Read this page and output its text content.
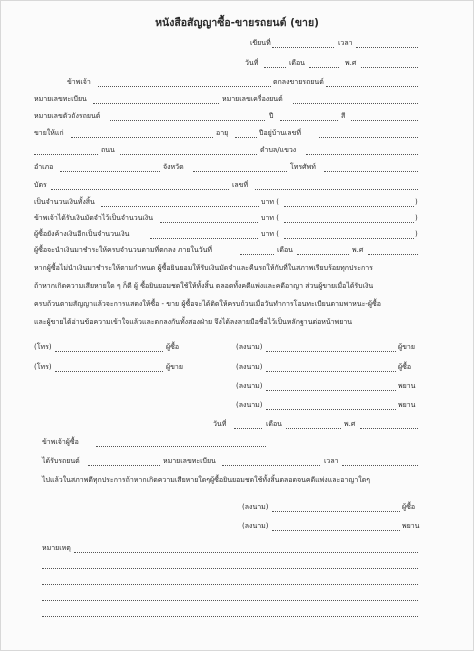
หนังสือสัญญาซื้อ-ขายรถยนต์ (ขาย)
เขียนที่	เวลา
วันที่	เดือน	พ.ศ
ข้าพเจ้า	ตกลงขายรถยนต์
หมายเลขทะเบียน	หมายเลขเครื่องยนต์
หมายเลขตัวถังรถยนต์	ปี	สี
ขายให้แก่	อายุ	ปีอยู่บ้านเลขที่
ถนน	ตำบล/แขวง
อำเภอ	จังหวัด	โทรศัพท์
บัตร	เลขที่
เป็นจำนวนเงินทั้งสิ้น	บาท (	)
ข้าพเจ้าได้รับเงินมัดจำไว้เป็นจำนวนเงิน	บาท (	)
ผู้ซื้อยังค้างเงินอีกเป็นจำนวนเงิน	บาท (	)
ผู้ซื้อจะนำเงินมาชำระให้ครบจำนวนตามที่ตกลง ภายในวันที่	เดือน	พ.ศ
หากผู้ซื้อไม่นำเงินมาชำระให้ตามกำหนด ผู้ซื้อยินยอมให้รับเงินมัดจำและคืนรถให้กับที่ในสภาพเรียบร้อยทุกประการ
ถ้าหากเกิดความเสียหายใด ๆ ก็ดี ผู้ ซื้อยินยอมชดใช้ให้ทั้งสิ้น ตลอดทั้งคดีแพ่งและคดีอาญา ส่วนผู้ขายเมื่อได้รับเงิน
ครบถ้วนตามสัญญาแล้วจะการแสดงให้ซื้อ - ขาย ผู้ซื้อจะได้ติดให้ครบถ้วนเมื่อวันทำการโอนทะเบียนตามพาหนะ-ผู้ซื้อ
และผู้ขายได้อ่านข้อความเข้าใจแล้วและตกลงกันทั้งสองฝ่าย จึงได้ลงลายมือชื่อไว้เป็นหลักฐานต่อหน้าพยาน
(โทร)	ผู้ซื้อ	(ลงนาม)	ผู้ขาย
(โทร)	ผู้ขาย	(ลงนาม)	ผู้ซื้อ
(ลงนาม)	พยาน
(ลงนาม)	พยาน
วันที่	เดือน	พ.ศ
ข้าพเจ้าผู้ซื้อ
ได้รับรถยนต์	หมายเลขทะเบียน	เวลา
ไปแล้วในสภาพดีทุกประการถ้าหากเกิดความเสียหายใดๆผู้ซื้อยินยอมชดใช้ทั้งสิ้นตลอดจนคดีแพ่งและอาญาใดๆ
(ลงนาม)	ผู้ซื้อ
(ลงนาม)	พยาน
หมายเหตุ
